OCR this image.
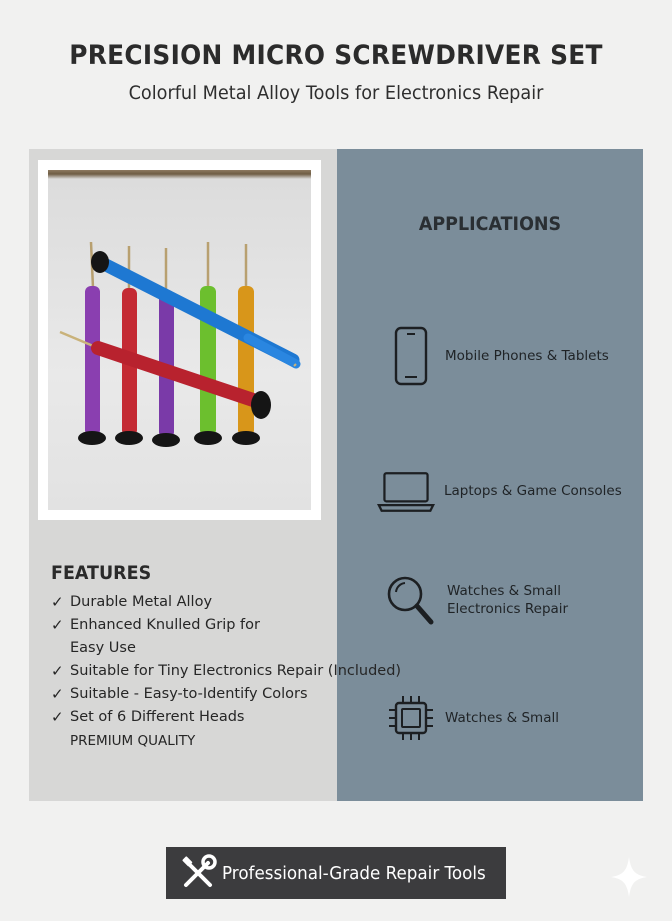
PRECISION MICRO SCREWDRIVER SET
Colorful Metal Alloy Tools for Electronics Repair
FEATURES
✓ Durable Metal Alloy
✓ Enhanced Knulled Grip for
Easy Use
✓ Suitable for Tiny Electronics Repair (Included)
✓ Suitable - Easy-to-Identify Colors
✓ Set of 6 Different Heads
PREMIUM QUALITY
APPLICATIONS
Mobile Phones & Tablets
Laptops & Game Consoles
Watches & Small
Electronics Repair
Watches & Small
Professional-Grade Repair Tools
